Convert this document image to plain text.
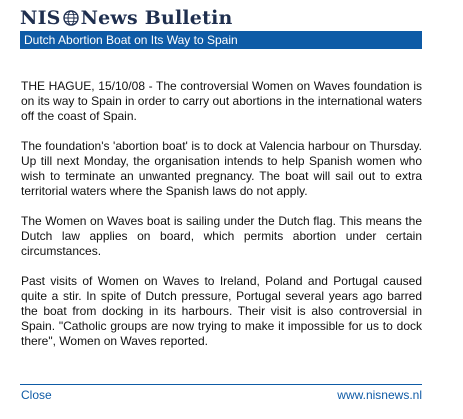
NIS News Bulletin
Dutch Abortion Boat on Its Way to Spain

THE HAGUE, 15/10/08 - The controversial Women on Waves foundation is on its way to Spain in order to carry out abortions in the international waters off the coast of Spain.

The foundation's 'abortion boat' is to dock at Valencia harbour on Thursday. Up till next Monday, the organisation intends to help Spanish women who wish to terminate an unwanted pregnancy. The boat will sail out to extra territorial waters where the Spanish laws do not apply.

The Women on Waves boat is sailing under the Dutch flag. This means the Dutch law applies on board, which permits abortion under certain circumstances.

Past visits of Women on Waves to Ireland, Poland and Portugal caused quite a stir. In spite of Dutch pressure, Portugal several years ago barred the boat from docking in its harbours. Their visit is also controversial in Spain. "Catholic groups are now trying to make it impossible for us to dock there", Women on Waves reported.

Close	www.nisnews.nl
